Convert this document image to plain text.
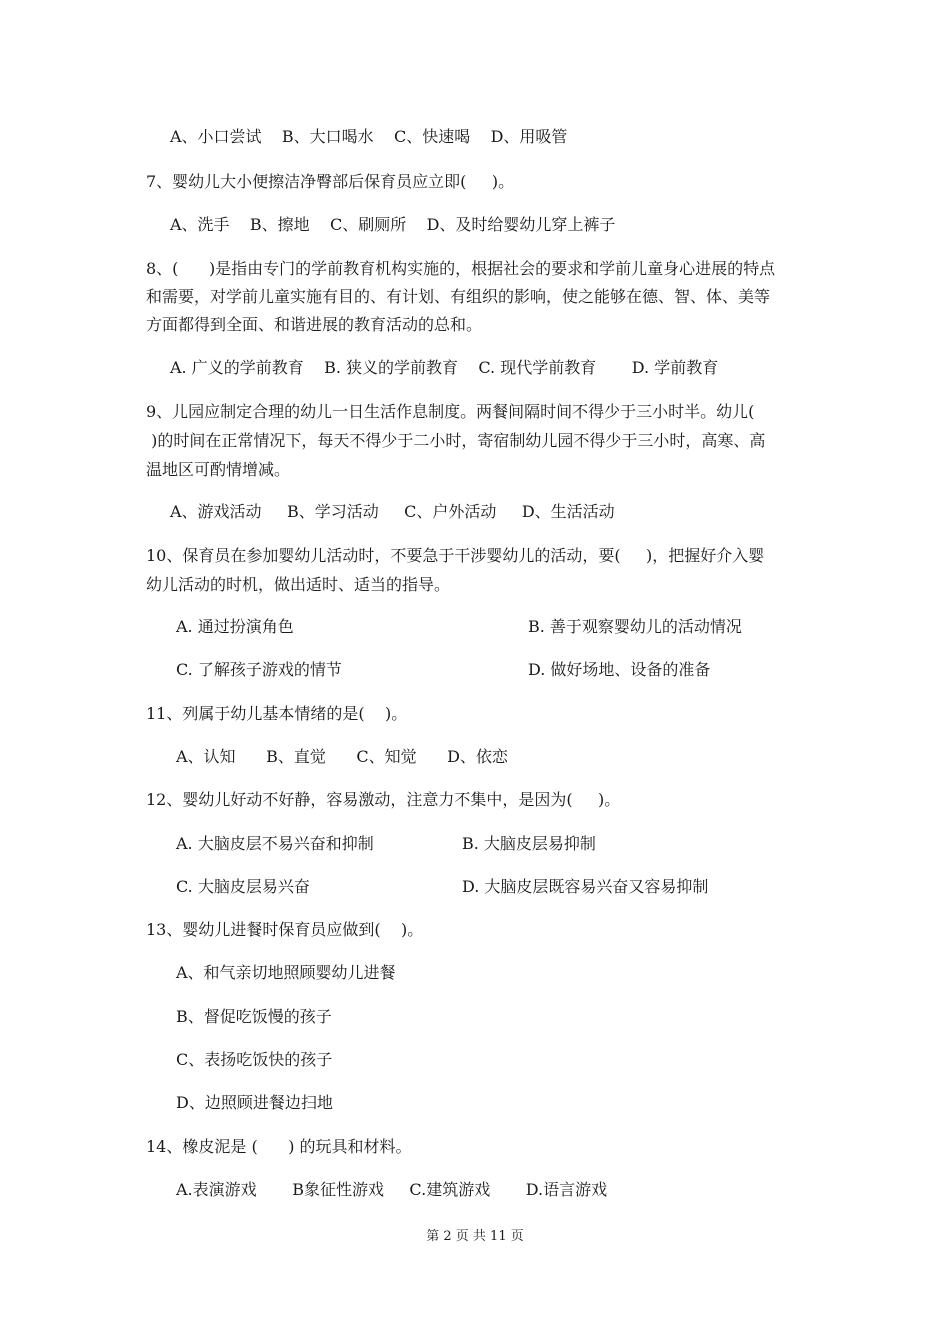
A、小口尝试    B、大口喝水    C、快速喝    D、用吸管
7、婴幼儿大小便擦洁净臀部后保育员应立即(     )。
A、洗手    B、擦地    C、刷厕所    D、及时给婴幼儿穿上裤子
8、(      )是指由专门的学前教育机构实施的，根据社会的要求和学前儿童身心进展的特点
和需要，对学前儿童实施有目的、有计划、有组织的影响，使之能够在德、智、体、美等
方面都得到全面、和谐进展的教育活动的总和。
A. 广义的学前教育    B. 狭义的学前教育    C. 现代学前教育       D. 学前教育
9、儿园应制定合理的幼儿一日生活作息制度。两餐间隔时间不得少于三小时半。幼儿(
)的时间在正常情况下，每天不得少于二小时，寄宿制幼儿园不得少于三小时，高寒、高
温地区可酌情增减。
A、游戏活动     B、学习活动     C、户外活动     D、生活活动
10、保育员在参加婴幼儿活动时，不要急于干涉婴幼儿的活动，要(     )，把握好介入婴
幼儿活动的时机，做出适时、适当的指导。
A. 通过扮演角色
C. 了解孩子游戏的情节
11、列属于幼儿基本情绪的是(    )。
A、认知      B、直觉      C、知觉      D、依恋
12、婴幼儿好动不好静，容易激动，注意力不集中，是因为(     )。
A. 大脑皮层不易兴奋和抑制
C. 大脑皮层易兴奋
13、婴幼儿进餐时保育员应做到(    )。
A、和气亲切地照顾婴幼儿进餐
B、督促吃饭慢的孩子
C、表扬吃饭快的孩子
D、边照顾进餐边扫地
14、橡皮泥是 (      ) 的玩具和材料。
A.表演游戏       B象征性游戏     C.建筑游戏       D.语言游戏
B. 善于观察婴幼儿的活动情况
D. 做好场地、设备的准备
B. 大脑皮层易抑制
D. 大脑皮层既容易兴奋又容易抑制
第 2 页 共 11 页
